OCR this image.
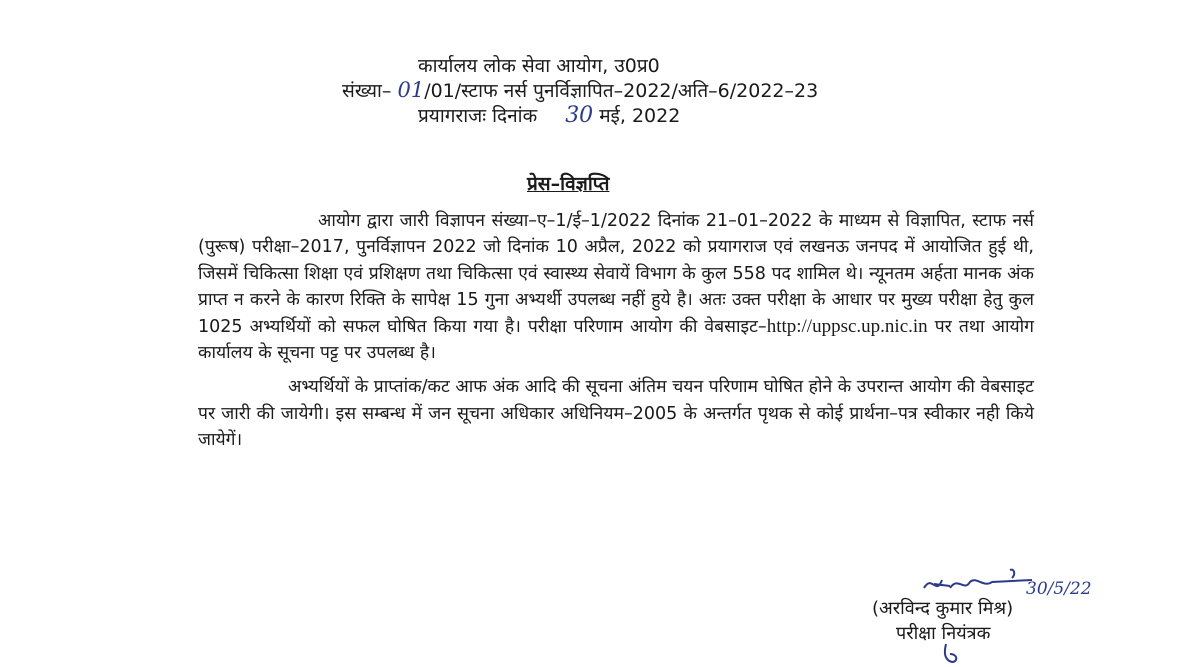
कार्यालय लोक सेवा आयोग, उ0प्र0
संख्या– 01/01/स्टाफ नर्स पुनर्विज्ञापित–2022/अति–6/2022–23
प्रयागराजः दिनांक 30 मई, 2022
प्रेस–विज्ञप्ति

आयोग द्वारा जारी विज्ञापन संख्या–ए–1/ई–1/2022 दिनांक 21–01–2022 के माध्यम से विज्ञापित, स्टाफ नर्स (पुरूष) परीक्षा–2017, पुनर्विज्ञापन 2022 जो दिनांक 10 अप्रैल, 2022 को प्रयागराज एवं लखनऊ जनपद में आयोजित हुई थी, जिसमें चिकित्सा शिक्षा एवं प्रशिक्षण तथा चिकित्सा एवं स्वास्थ्य सेवायें विभाग के कुल 558 पद शामिल थे। न्यूनतम अर्हता मानक अंक प्राप्त न करने के कारण रिक्ति के सापेक्ष 15 गुना अभ्यर्थी उपलब्ध नहीं हुये है। अतः उक्त परीक्षा के आधार पर मुख्य परीक्षा हेतु कुल 1025 अभ्यर्थियों को सफल घोषित किया गया है। परीक्षा परिणाम आयोग की वेबसाइट–http://uppsc.up.nic.in पर तथा आयोग कार्यालय के सूचना पट्ट पर उपलब्ध है।

अभ्यर्थियों के प्राप्तांक/कट आफ अंक आदि की सूचना अंतिम चयन परिणाम घोषित होने के उपरान्त आयोग की वेबसाइट पर जारी की जायेगी। इस सम्बन्ध में जन सूचना अधिकार अधिनियम–2005 के अन्तर्गत पृथक से कोई प्रार्थना–पत्र स्वीकार नही किये जायेगें।

30/5/22
(अरविन्द कुमार मिश्र)
परीक्षा नियंत्रक
